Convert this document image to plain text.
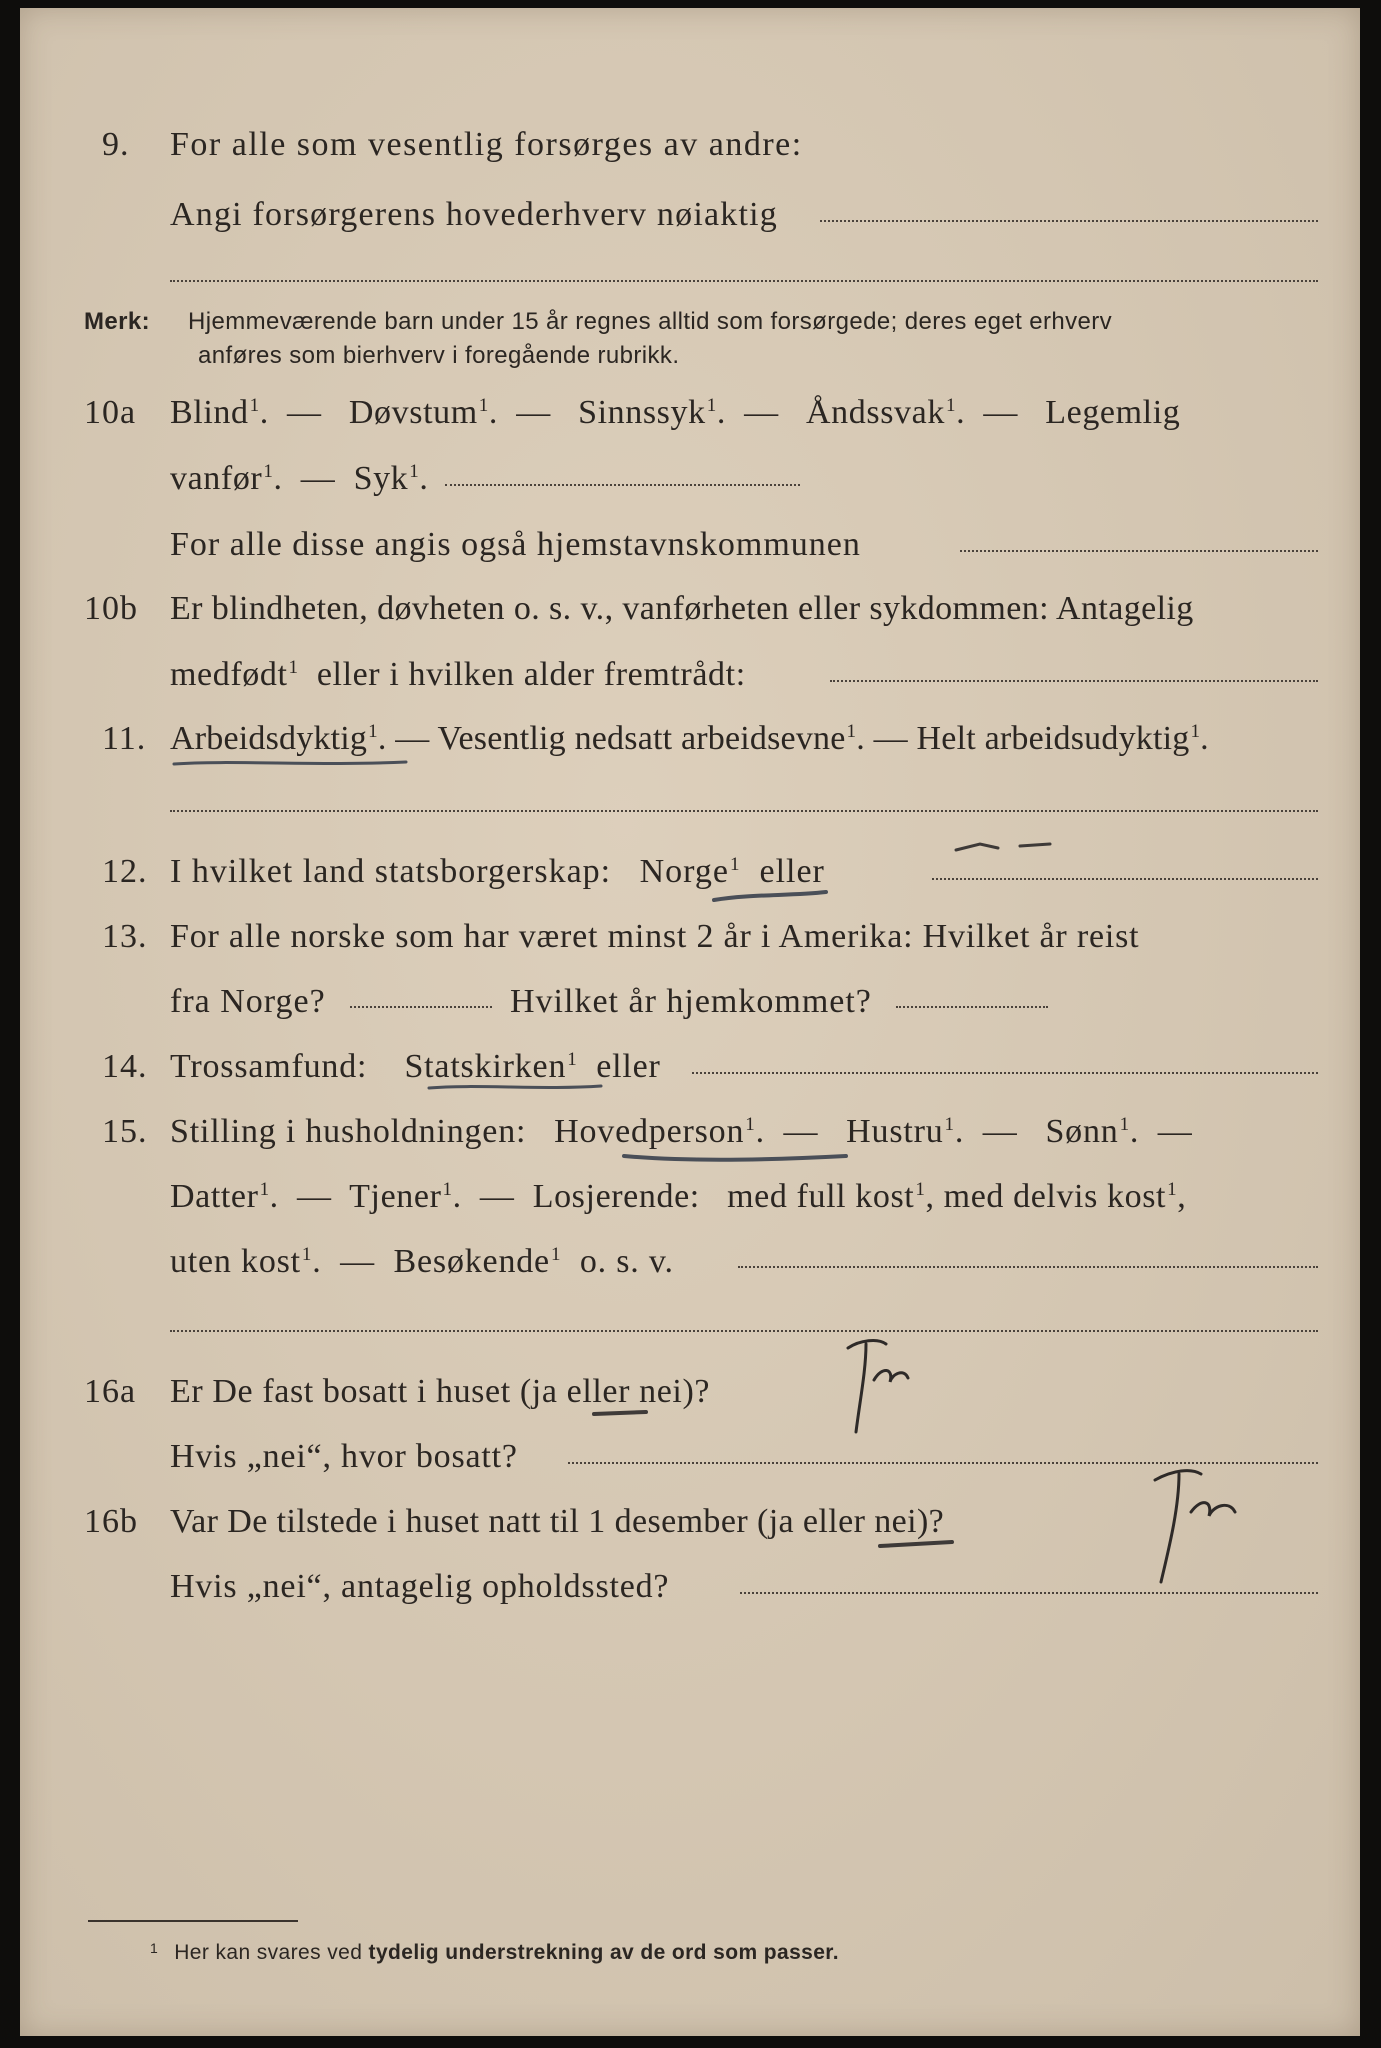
9. For alle som vesentlig forsørges av andre:
Angi forsørgerens hovederhverv nøiaktig
Merk: Hjemmeværende barn under 15 år regnes alltid som forsørgede; deres eget erhverv
anføres som bierhverv i foregående rubrikk.
10a Blind$^1$.  —   Døvstum$^1$.  —   Sinnssyk$^1$.  —   Åndssvak$^1$.  —   Legemlig
vanfør$^1$.  —  Syk$^1$.
For alle disse angis også hjemstavnskommunen
10b Er blindheten, døvheten o. s. v., vanførheten eller sykdommen: Antagelig
medfødt$^1$ eller i hvilken alder fremtrådt:
11. Arbeidsdyktig$^1$. — Vesentlig nedsatt arbeidsevne$^1$. — Helt arbeidsudyktig$^1$.
12. I hvilket land statsborgerskap: Norge$^1$ eller
13. For alle norske som har været minst 2 år i Amerika: Hvilket år reist
fra Norge?	Hvilket år hjemkommet?
14. Trossamfund: Statskirken$^1$ eller
15. Stilling i husholdningen: Hovedperson$^1$.  —   Hustru$^1$.  —   Sønn$^1$.  —
Datter$^1$.  —  Tjener$^1$.  —  Losjerende: med full kost$^1$, med delvis kost$^1$,
uten kost$^1$.  —  Besøkende$^1$ o. s. v.
16a Er De fast bosatt i huset (ja eller nei)?
Hvis „nei“, hvor bosatt?
16b Var De tilstede i huset natt til 1 desember (ja eller nei)?
Hvis „nei“, antagelig opholdssted?
$^1$ Her kan svares ved tydelig understrekning av de ord som passer.
